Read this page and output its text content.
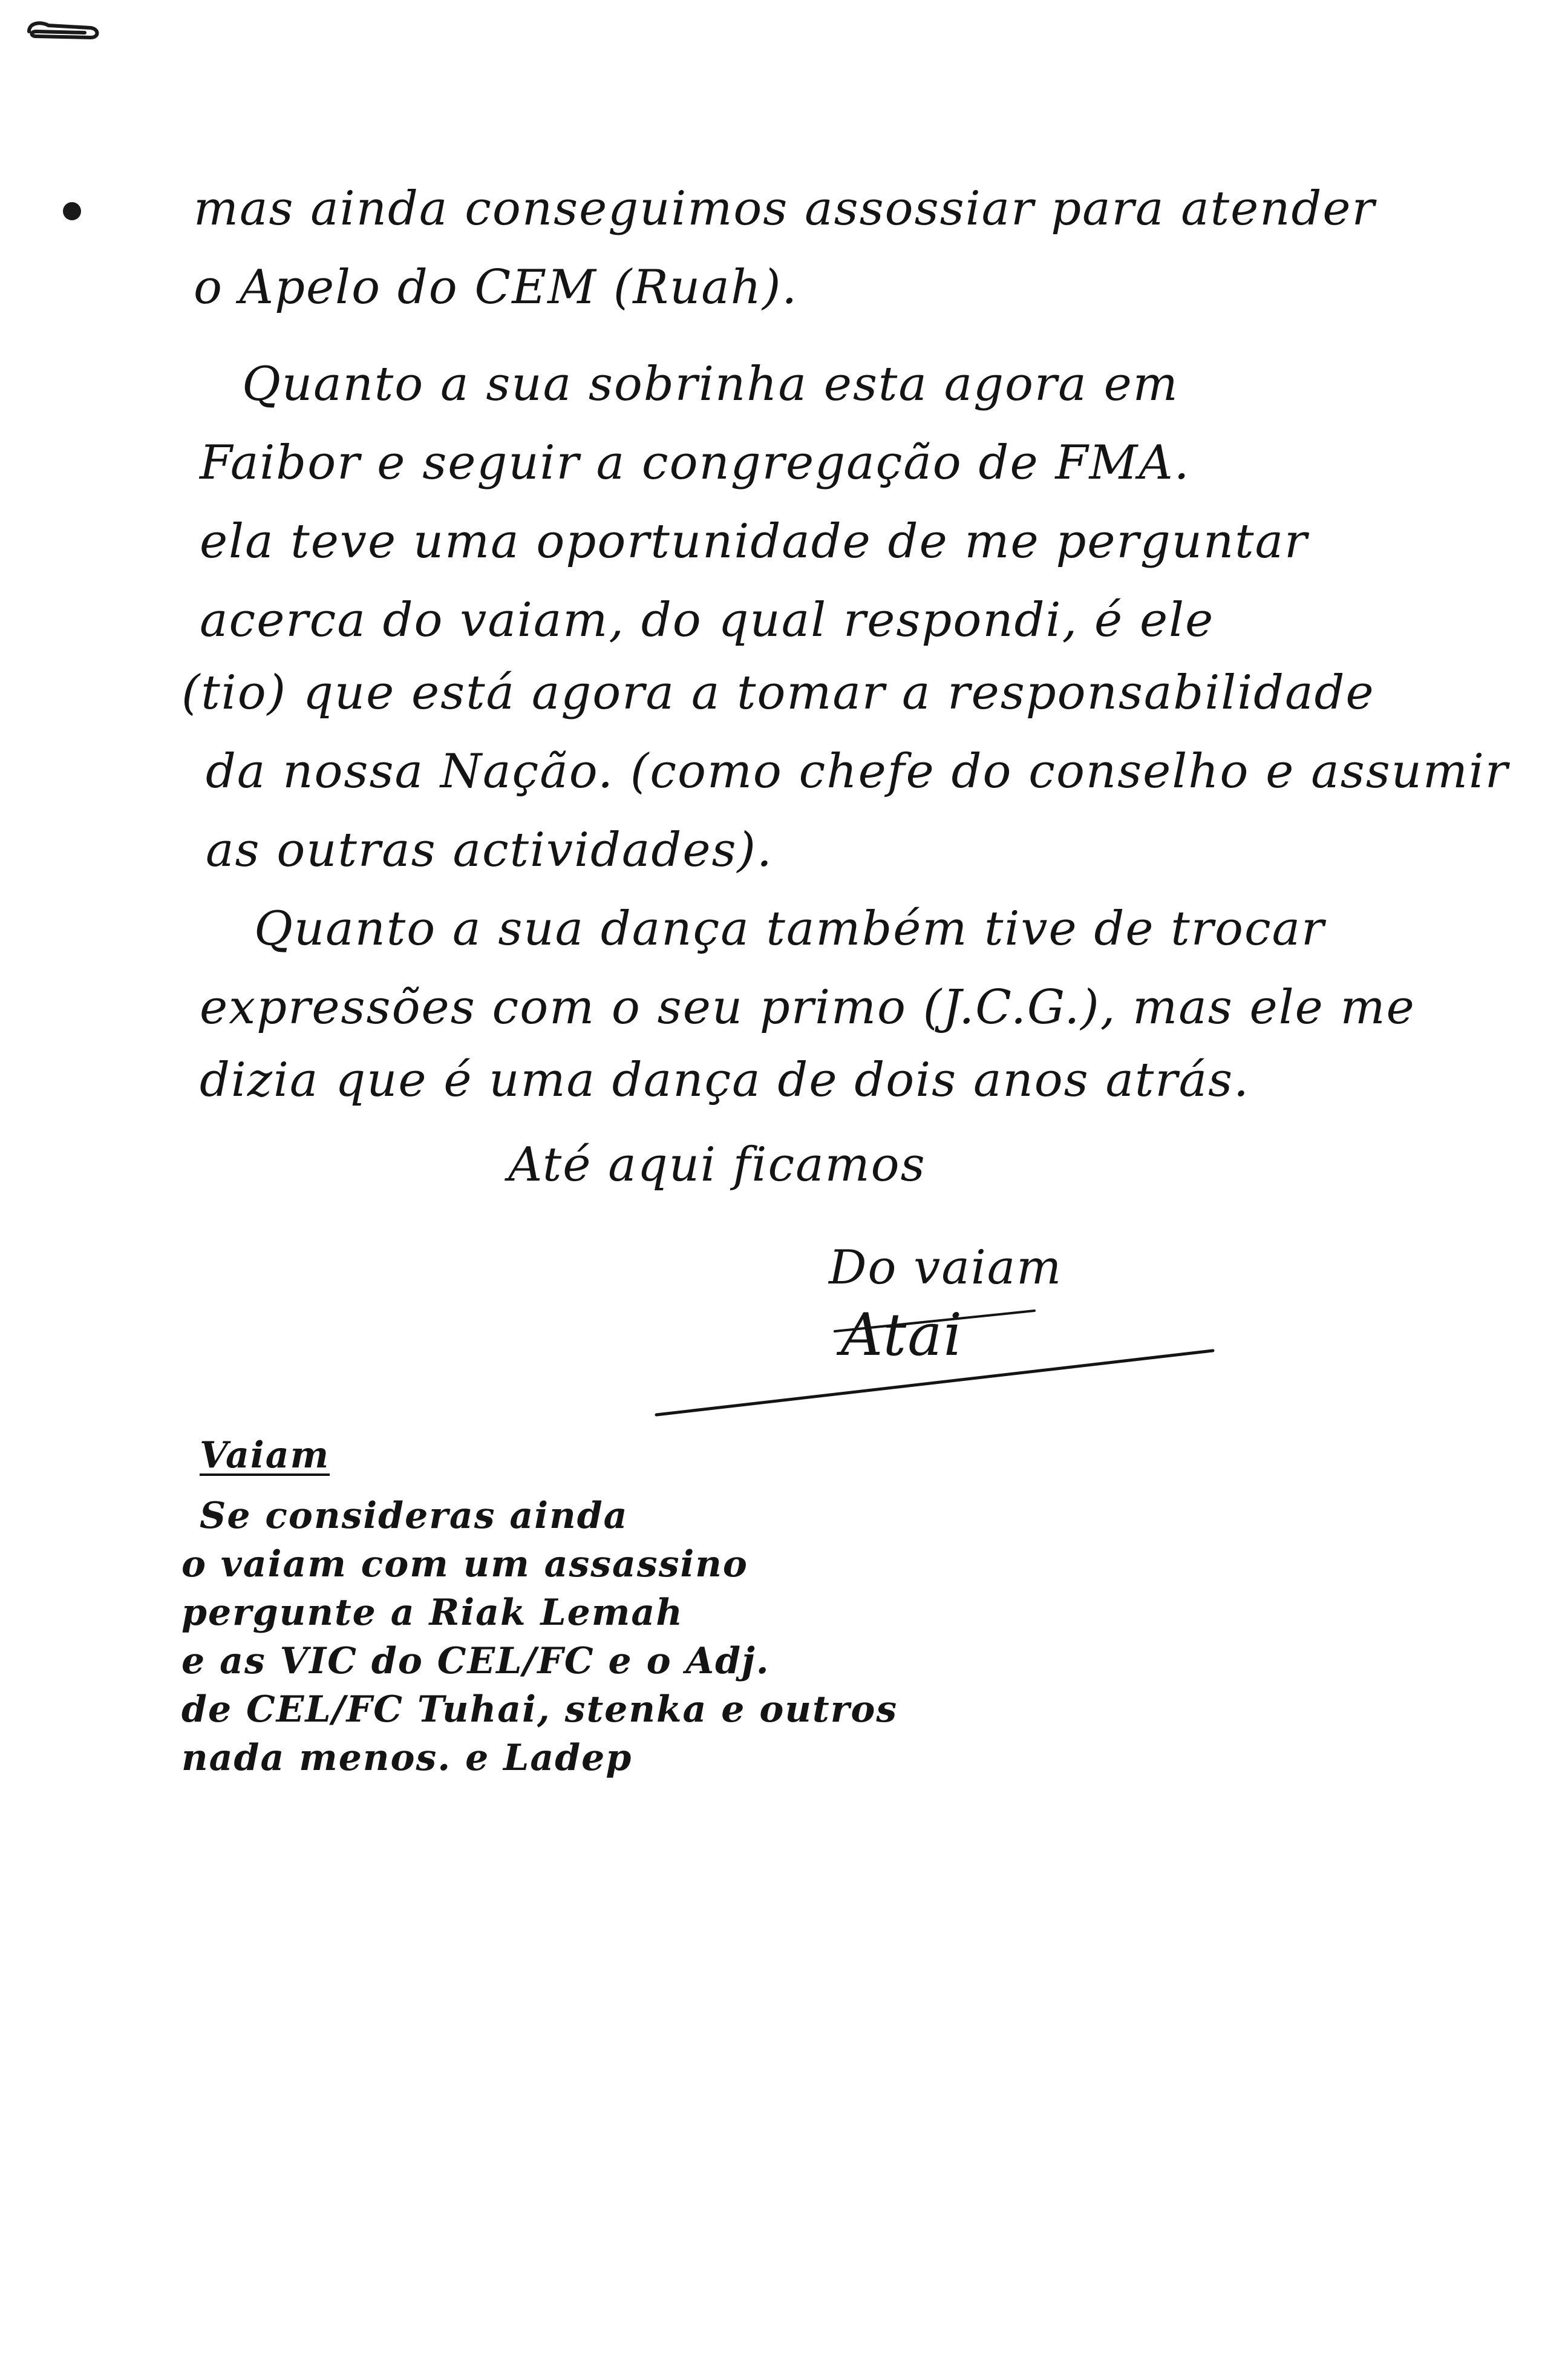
mas ainda conseguimos assossiar para atender
o Apelo do CEM (Ruah).
Quanto a sua sobrinha esta agora em
Faibor e seguir a congregação de FMA.
ela teve uma oportunidade de me perguntar
acerca do vaiam, do qual respondi, é ele
(tio) que está agora a tomar a responsabilidade
da nossa Nação. (como chefe do conselho e assumir
as outras actividades).
Quanto a sua dança também tive de trocar
expressões com o seu primo (J.C.G.), mas ele me
dizia que é uma dança de dois anos atrás.
Até aqui ficamos
Do vaiam
Atai
Vaiam
Se consideras ainda
o vaiam com um assassino
pergunte a Riak Lemah
e as VIC do CEL/FC e o Adj.
de CEL/FC Tuhai, stenka e outros
nada menos. e Ladep
